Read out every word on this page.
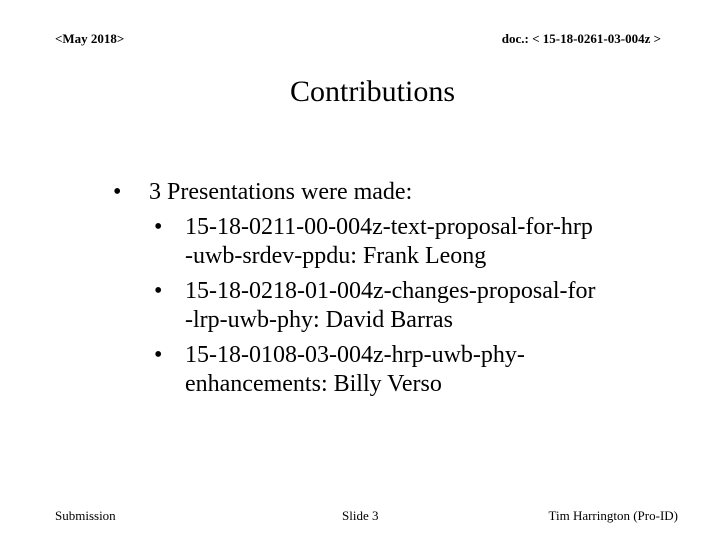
<May 2018>	doc.: < 15-18-0261-03-004z >
Contributions
• 3 Presentations were made:
• 15-18-0211-00-004z-text-proposal-for-hrp
-uwb-srdev-ppdu: Frank Leong
• 15-18-0218-01-004z-changes-proposal-for
-lrp-uwb-phy: David Barras
• 15-18-0108-03-004z-hrp-uwb-phy-
enhancements: Billy Verso
Submission	Slide 3	Tim Harrington (Pro-ID)
